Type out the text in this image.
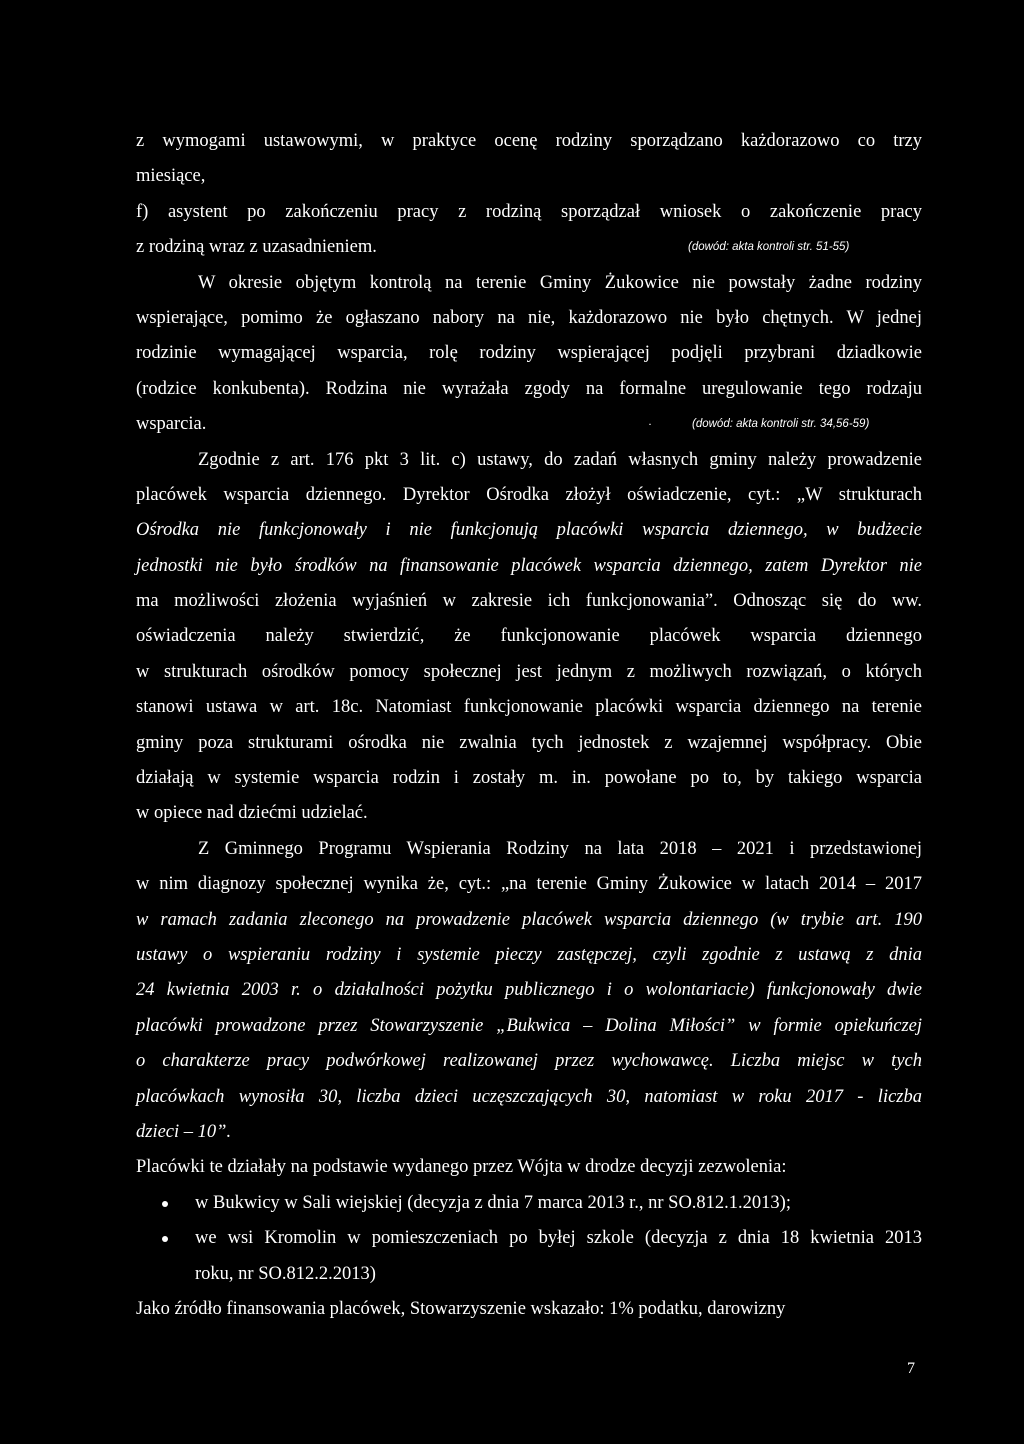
z wymogami ustawowymi, w praktyce ocenę rodziny sporządzano każdorazowo co trzy
miesiące,
f) asystent po zakończeniu pracy z rodziną sporządzał wniosek o zakończenie pracy
z rodziną wraz z uzasadnieniem.	(dowód: akta kontroli str. 51-55)
W okresie objętym kontrolą na terenie Gminy Żukowice nie powstały żadne rodziny
wspierające, pomimo że ogłaszano nabory na nie, każdorazowo nie było chętnych. W jednej
rodzinie wymagającej wsparcia, rolę rodziny wspierającej podjęli przybrani dziadkowie
(rodzice konkubenta). Rodzina nie wyrażała zgody na formalne uregulowanie tego rodzaju
wsparcia.	·	(dowód: akta kontroli str. 34,56-59)
Zgodnie z art. 176 pkt 3 lit. c) ustawy, do zadań własnych gminy należy prowadzenie
placówek wsparcia dziennego. Dyrektor Ośrodka złożył oświadczenie, cyt.: „W strukturach
Ośrodka nie funkcjonowały i nie funkcjonują placówki wsparcia dziennego, w budżecie
jednostki nie było środków na finansowanie placówek wsparcia dziennego, zatem Dyrektor nie
ma możliwości złożenia wyjaśnień w zakresie ich funkcjonowania”. Odnosząc się do ww.
oświadczenia należy stwierdzić, że funkcjonowanie placówek wsparcia dziennego
w strukturach ośrodków pomocy społecznej jest jednym z możliwych rozwiązań, o których
stanowi ustawa w art. 18c. Natomiast funkcjonowanie placówki wsparcia dziennego na terenie
gminy poza strukturami ośrodka nie zwalnia tych jednostek z wzajemnej współpracy. Obie
działają w systemie wsparcia rodzin i zostały m. in. powołane po to, by takiego wsparcia
w opiece nad dziećmi udzielać.
Z Gminnego Programu Wspierania Rodziny na lata 2018 – 2021 i przedstawionej
w nim diagnozy społecznej wynika że, cyt.: „na terenie Gminy Żukowice w latach 2014 – 2017
w ramach zadania zleconego na prowadzenie placówek wsparcia dziennego (w trybie art. 190
ustawy o wspieraniu rodziny i systemie pieczy zastępczej, czyli zgodnie z ustawą z dnia
24 kwietnia 2003 r. o działalności pożytku publicznego i o wolontariacie) funkcjonowały dwie
placówki prowadzone przez Stowarzyszenie „Bukwica – Dolina Miłości” w formie opiekuńczej
o charakterze pracy podwórkowej realizowanej przez wychowawcę. Liczba miejsc w tych
placówkach wynosiła 30, liczba dzieci uczęszczających 30, natomiast w roku 2017 - liczba
dzieci – 10”.
Placówki te działały na podstawie wydanego przez Wójta w drodze decyzji zezwolenia:
w Bukwicy w Sali wiejskiej (decyzja z dnia 7 marca 2013 r., nr SO.812.1.2013);
we wsi Kromolin w pomieszczeniach po byłej szkole (decyzja z dnia 18 kwietnia 2013
roku, nr SO.812.2.2013)
Jako źródło finansowania placówek, Stowarzyszenie wskazało: 1% podatku, darowizny
7
